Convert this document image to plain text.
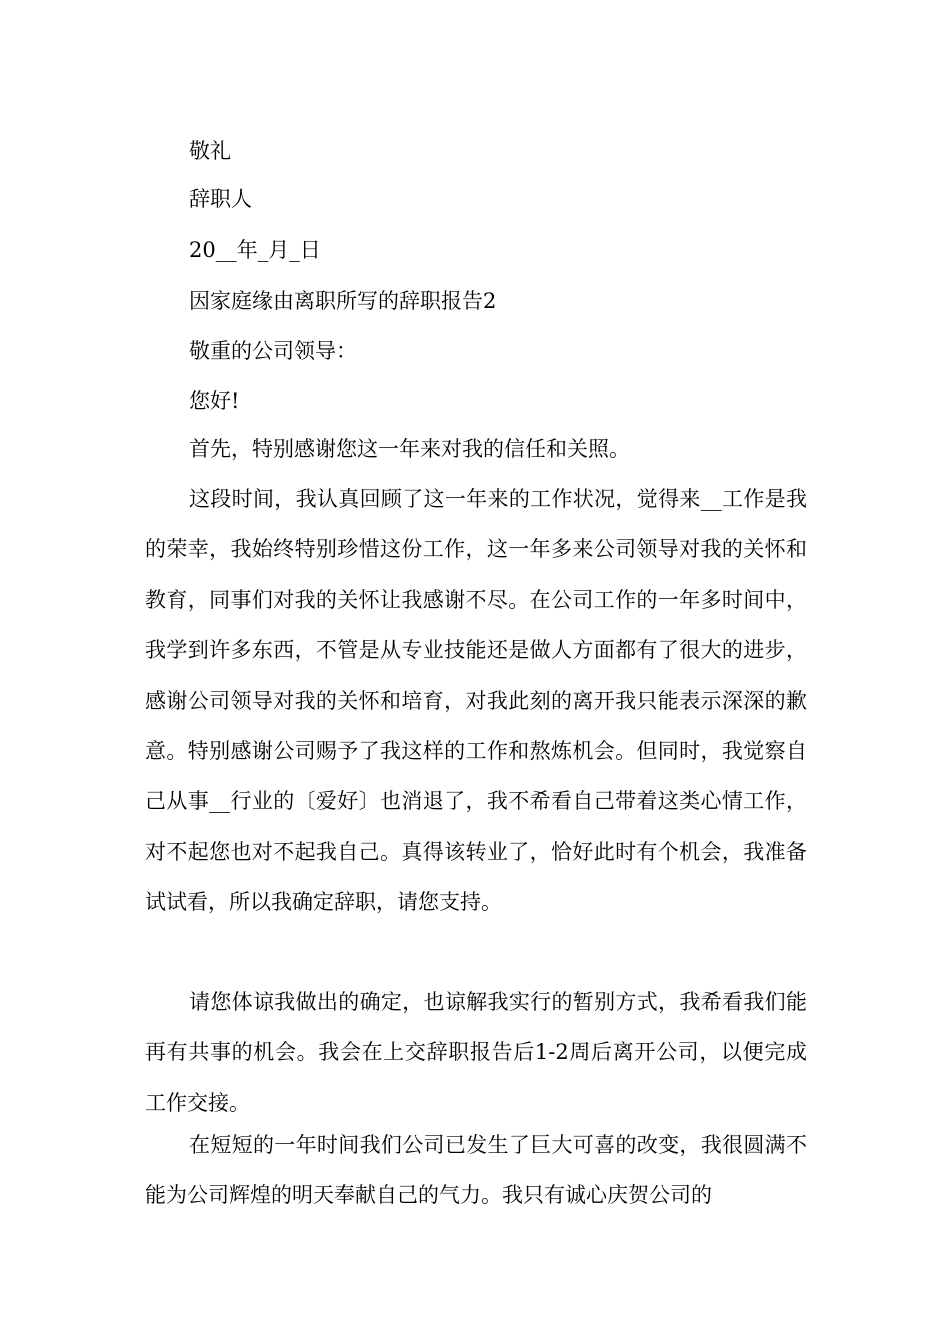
敬礼
辞职人
20__年_月_日
因家庭缘由离职所写的辞职报告2
敬重的公司领导：
您好!
首先，特别感谢您这一年来对我的信任和关照。

这段时间，我认真回顾了这一年来的工作状况，觉得来__工作是我的荣幸，我始终特别珍惜这份工作，这一年多来公司领导对我的关怀和教育，同事们对我的关怀让我感谢不尽。在公司工作的一年多时间中，我学到许多东西，不管是从专业技能还是做人方面都有了很大的进步，感谢公司领导对我的关怀和培育，对我此刻的离开我只能表示深深的歉意。特别感谢公司赐予了我这样的工作和熬炼机会。但同时，我觉察自己从事__行业的〔爱好〕也消退了，我不希看自己带着这类心情工作，对不起您也对不起我自己。真得该转业了，恰好此时有个机会，我准备试试看，所以我确定辞职，请您支持。

请您体谅我做出的确定，也谅解我实行的暂别方式，我希看我们能再有共事的机会。我会在上交辞职报告后1-2周后离开公司，以便完成工作交接。

在短短的一年时间我们公司已发生了巨大可喜的改变，我很圆满不能为公司辉煌的明天奉献自己的气力。我只有诚心庆贺公司的
